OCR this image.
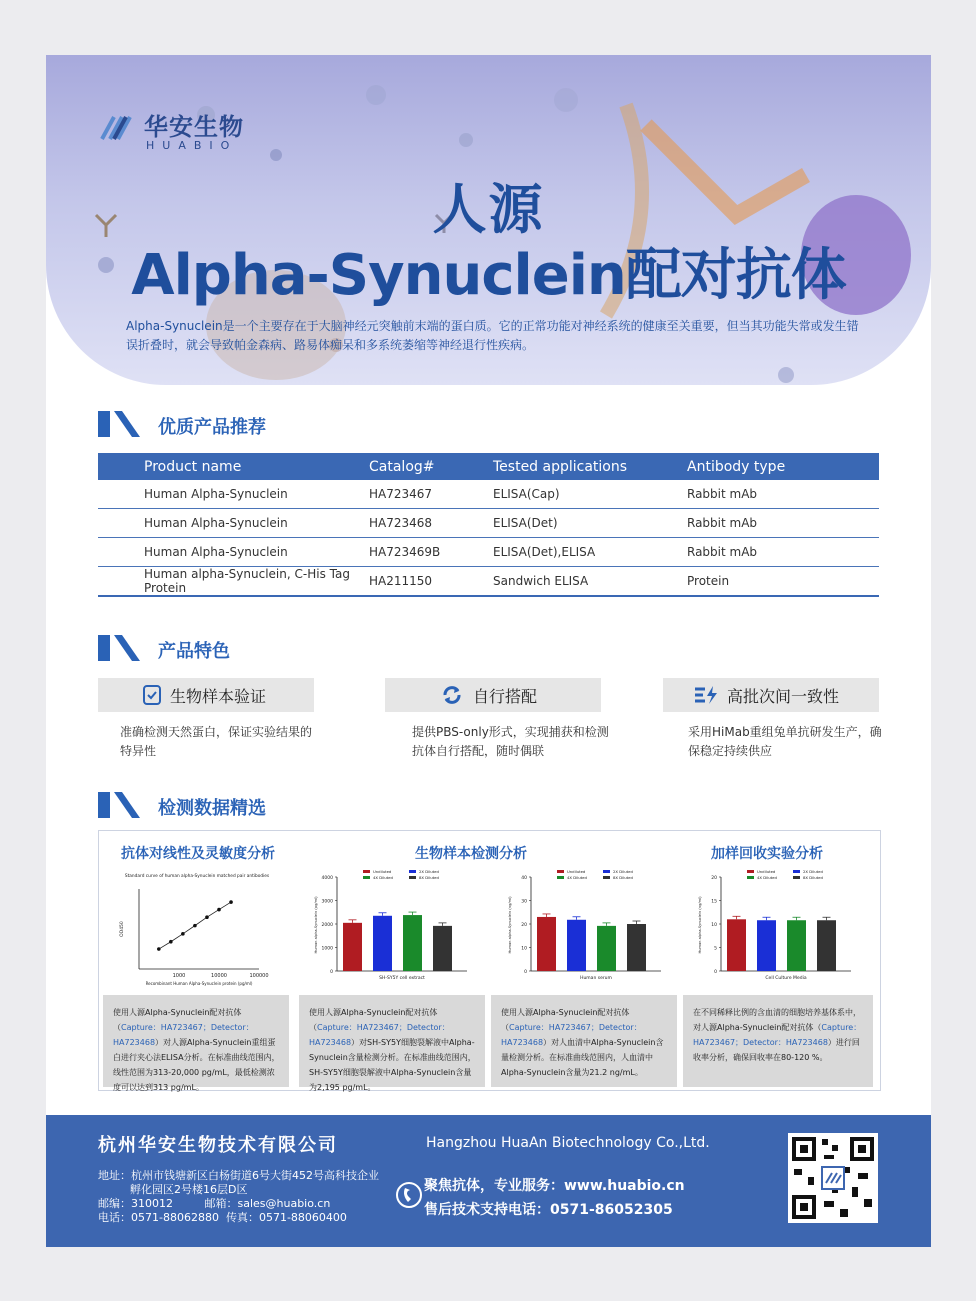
华安生物
HUABIO
人源
Alpha-Synuclein配对抗体
Alpha-Synuclein是一个主要存在于大脑神经元突触前末端的蛋白质。它的正常功能对神经系统的健康至关重要，但当其功能失常或发生错误折叠时，就会导致帕金森病、路易体痴呆和多系统萎缩等神经退行性疾病。
优质产品推荐
Product name	Catalog#	Tested applications	Antibody type
Human Alpha-Synuclein	HA723467	ELISA(Cap)	Rabbit mAb
Human Alpha-Synuclein	HA723468	ELISA(Det)	Rabbit mAb
Human Alpha-Synuclein	HA723469B	ELISA(Det),ELISA	Rabbit mAb
Human alpha-Synuclein, C-His Tag Protein	HA211150	Sandwich ELISA	Protein
产品特色
生物样本验证
准确检测天然蛋白，保证实验结果的特异性
自行搭配
提供PBS-only形式，实现捕获和检测抗体自行搭配，随时偶联
高批次间一致性
采用HiMab重组兔单抗研发生产，确保稳定持续供应
检测数据精选
抗体对线性及灵敏度分析	生物样本检测分析	加样回收实验分析
Standard curve of human alpha-Synuclein matched pair antibodies
1000	10000	100000
Recombinant Human Alpha-Synuclein protein (pg/ml)
OD450
0
1000
2000
3000
4000
Human alpha-Synuclein (pg/ml)
SH-SY5Y cell extract
Undiluted	2X Diluted
4X Diluted	8X Diluted
0
10
20
30
40
Human alpha-Synuclein (ng/ml)
Human serum
Undiluted	2X Diluted
4X Diluted	8X Diluted
0
5
10
15
20
Human alpha-Synuclein (ng/ml)
Cell Culture Media
Undiluted	2X Diluted
4X Diluted	8X Diluted
使用人源Alpha-Synuclein配对抗体（Capture：HA723467；Detector：HA723468）对人源Alpha-Synuclein重组蛋白进行夹心法ELISA分析。在标准曲线范围内，线性范围为313-20,000 pg/mL，最低检测浓度可以达到313 pg/mL。
使用人源Alpha-Synuclein配对抗体（Capture：HA723467；Detector：HA723468）对SH-SY5Y细胞裂解液中Alpha-Synuclein含量检测分析。在标准曲线范围内，SH-SY5Y细胞裂解液中Alpha-Synuclein含量为2,195 pg/mL。
使用人源Alpha-Synuclein配对抗体（Capture：HA723467；Detector：HA723468）对人血清中Alpha-Synuclein含量检测分析。在标准曲线范围内，人血清中Alpha-Synuclein含量为21.2 ng/mL。
在不同稀释比例的含血清的细胞培养基体系中，对人源Alpha-Synuclein配对抗体（Capture：HA723467；Detector：HA723468）进行回收率分析，确保回收率在80-120 %。
杭州华安生物技术有限公司	Hangzhou HuaAn Biotechnology Co.,Ltd.
地址：杭州市钱塘新区白杨街道6号大街452号高科技企业
孵化园区2号楼16层D区
邮编：310012	邮箱：sales@huabio.cn
电话：0571-88062880 传真：0571-88060400
聚焦抗体，专业服务：www.huabio.cn
售后技术支持电话：0571-86052305
